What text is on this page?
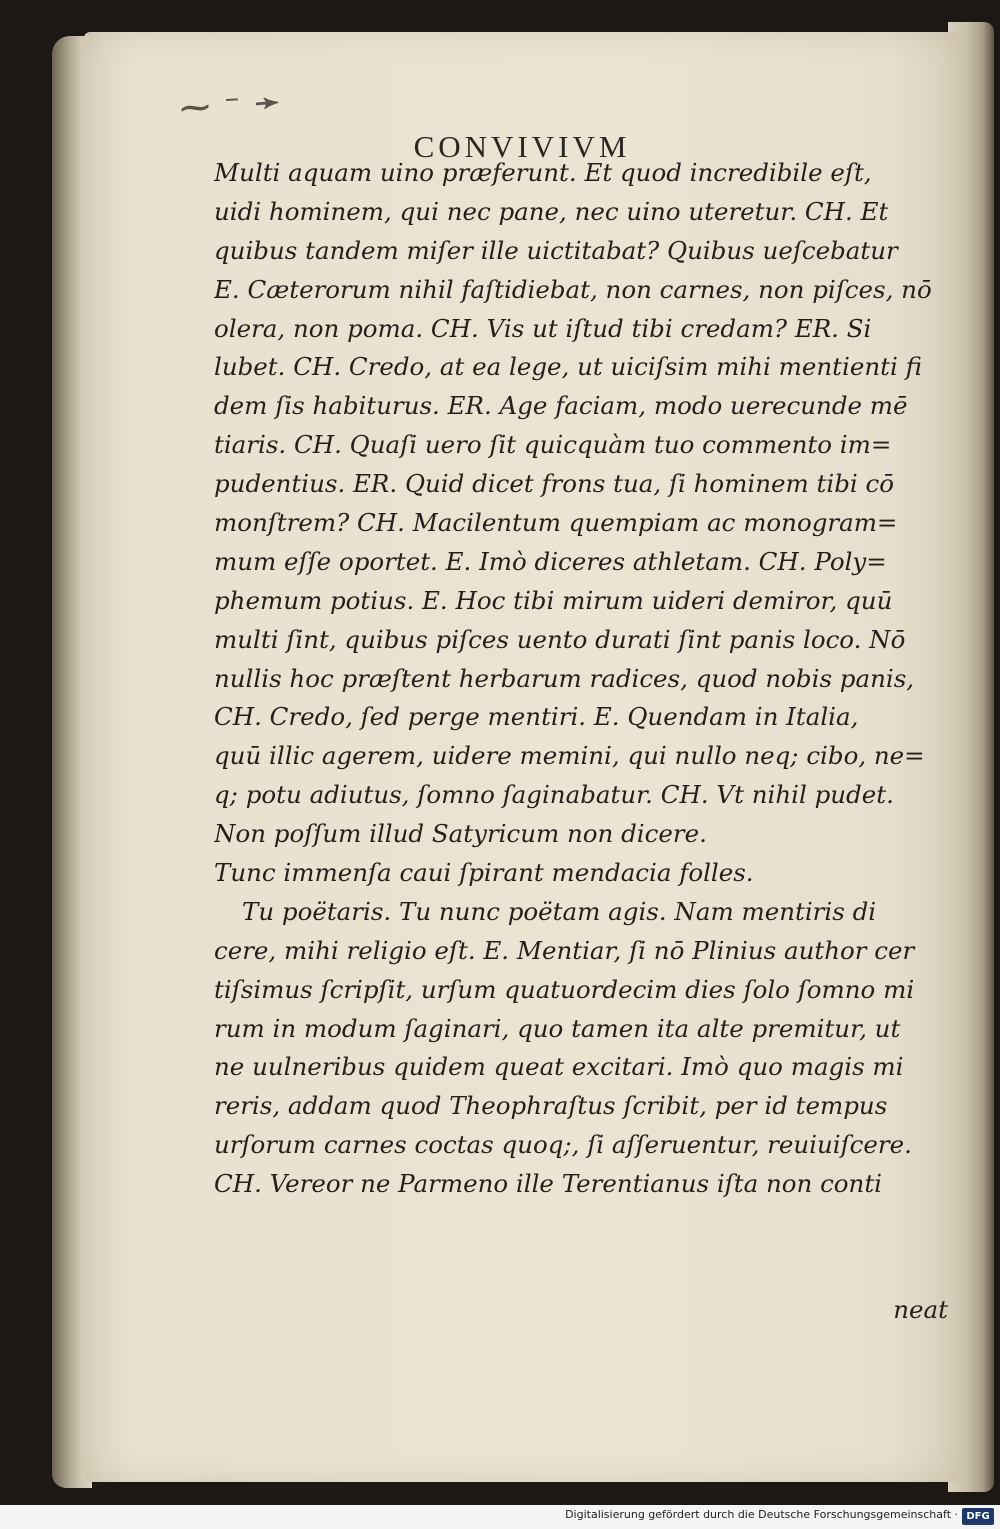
⁓ ⁻ ➛
CONVIVIVM
Multi aquam uino præferunt. Et quod incredibile eſt,
uidi hominem, qui nec pane, nec uino uteretur. CH. Et
quibus tandem miſer ille uictitabat? Quibus ueſcebatur
E. Cæterorum nihil faſtidiebat, non carnes, non piſces, nō
olera, non poma. CH. Vis ut iſtud tibi credam? ER. Si
lubet. CH. Credo, at ea lege, ut uiciſsim mihi mentienti fi
dem ſis habiturus. ER. Age faciam, modo uerecunde mē
tiaris. CH. Quaſi uero ſit quicquàm tuo commento im=
pudentius. ER. Quid dicet frons tua, ſi hominem tibi cō
monſtrem? CH. Macilentum quempiam ac monogram=
mum eſſe oportet. E. Imò diceres athletam. CH. Poly=
phemum potius. E. Hoc tibi mirum uideri demiror, quū
multi ſint, quibus piſces uento durati ſint panis loco. Nō
nullis hoc præſtent herbarum radices, quod nobis panis,
CH. Credo, ſed perge mentiri. E. Quendam in Italia,
quū illic agerem, uidere memini, qui nullo neq; cibo, ne=
q; potu adiutus, ſomno ſaginabatur. CH. Vt nihil pudet.
Non poſſum illud Satyricum non dicere.
Tunc immenſa caui ſpirant mendacia folles.
Tu poëtaris. Tu nunc poëtam agis. Nam mentiris di
cere, mihi religio eſt. E. Mentiar, ſi nō Plinius author cer
tiſsimus ſcripſit, urſum quatuordecim dies ſolo ſomno mi
rum in modum ſaginari, quo tamen ita alte premitur, ut
ne uulneribus quidem queat excitari. Imò quo magis mi
reris, addam quod Theophraſtus ſcribit, per id tempus
urſorum carnes coctas quoq;, ſi aſſeruentur, reuiuiſcere.
CH. Vereor ne Parmeno ille Terentianus iſta non conti
neat
Digitalisierung gefördert durch die Deutsche Forschungsgemeinschaft · DFG
